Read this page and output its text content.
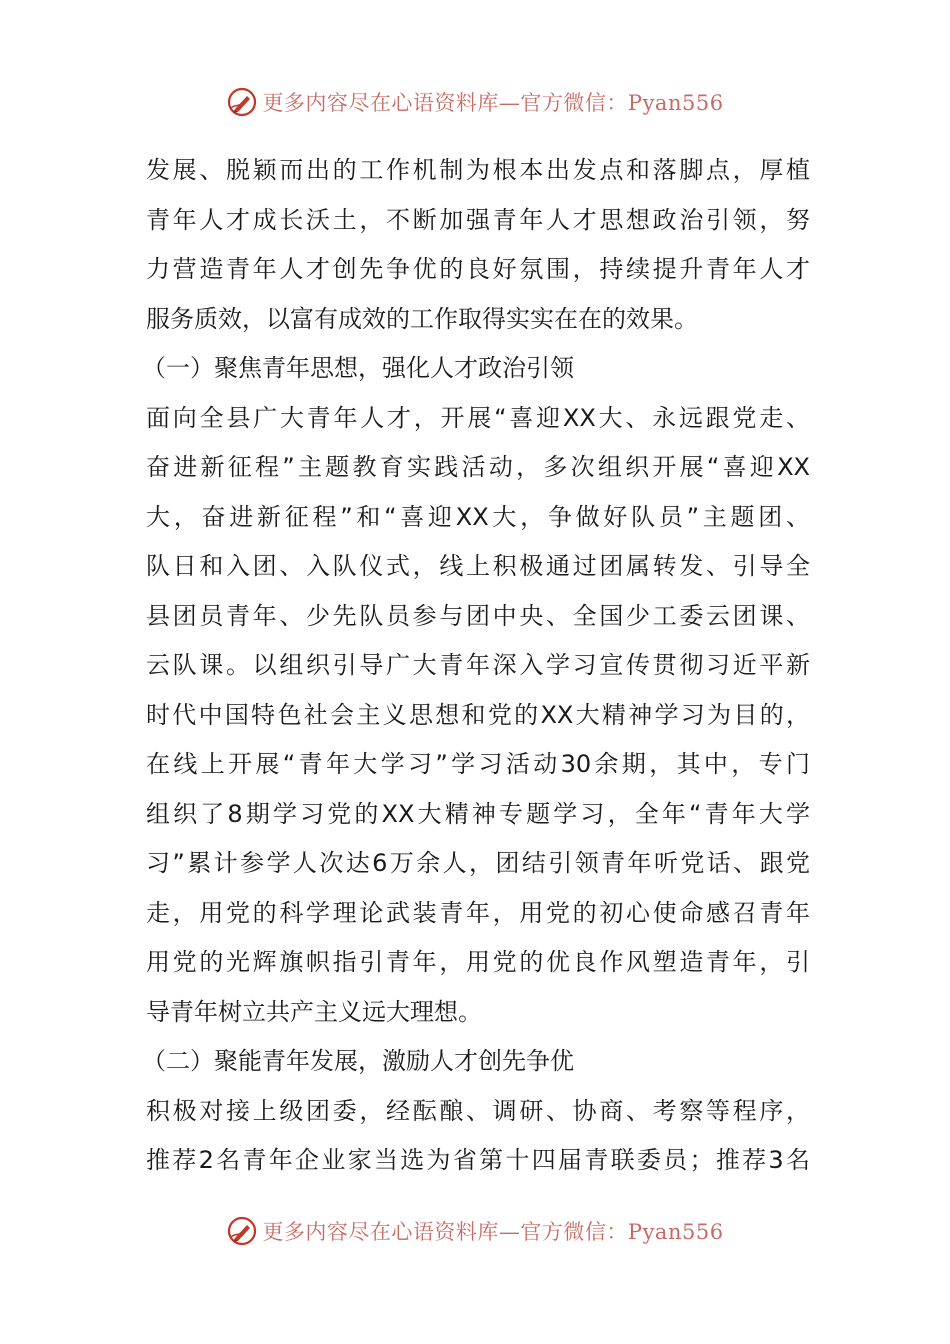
更多内容尽在心语资料库—官方微信：Pyan556
发展、脱颖而出的工作机制为根本出发点和落脚点，厚植
青年人才成长沃土，不断加强青年人才思想政治引领，努
力营造青年人才创先争优的良好氛围，持续提升青年人才
服务质效，以富有成效的工作取得实实在在的效果。
（一）聚焦青年思想，强化人才政治引领
面向全县广大青年人才，开展“喜迎XX大、永远跟党走、
奋进新征程”主题教育实践活动，多次组织开展“喜迎XX
大，奋进新征程”和“喜迎XX大，争做好队员”主题团、
队日和入团、入队仪式，线上积极通过团属转发、引导全
县团员青年、少先队员参与团中央、全国少工委云团课、
云队课。以组织引导广大青年深入学习宣传贯彻习近平新
时代中国特色社会主义思想和党的XX大精神学习为目的，
在线上开展“青年大学习”学习活动30余期，其中，专门
组织了8期学习党的XX大精神专题学习，全年“青年大学
习”累计参学人次达6万余人，团结引领青年听党话、跟党
走，用党的科学理论武装青年，用党的初心使命感召青年
用党的光辉旗帜指引青年，用党的优良作风塑造青年，引
导青年树立共产主义远大理想。
（二）聚能青年发展，激励人才创先争优
积极对接上级团委，经酝酿、调研、协商、考察等程序，
推荐2名青年企业家当选为省第十四届青联委员；推荐3名
更多内容尽在心语资料库—官方微信：Pyan556
